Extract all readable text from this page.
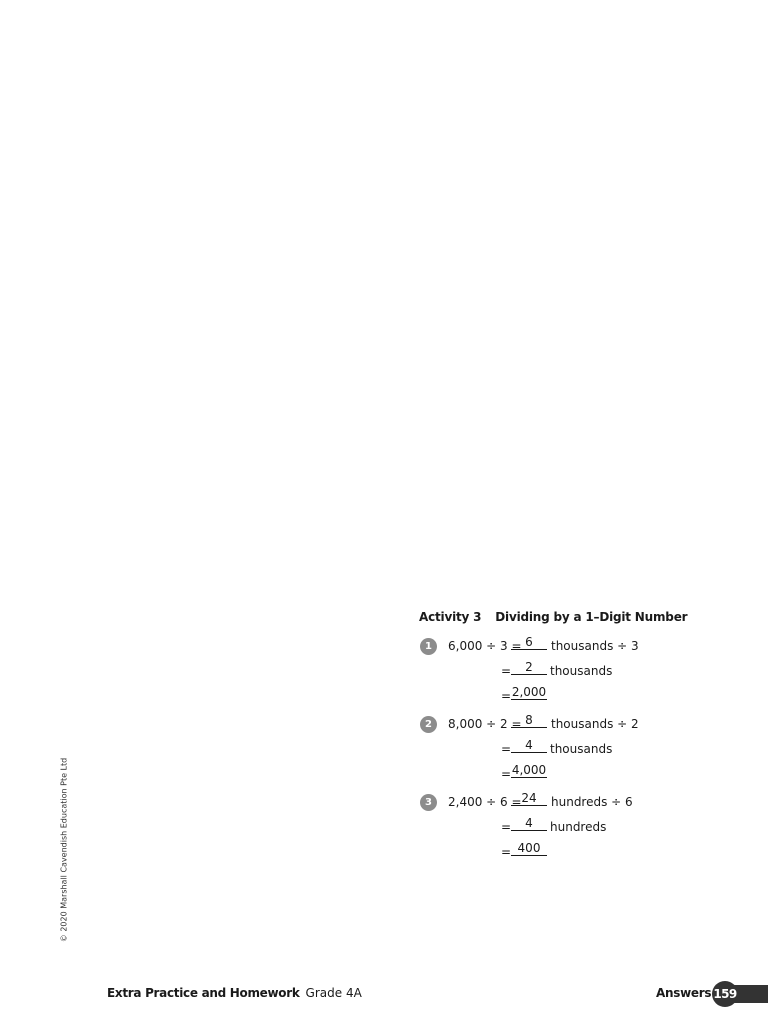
Activity 3 Dividing by a 1–Digit Number
1	6,000 ÷ 3 = 6	thousands ÷ 3
=	2	thousands
= 2,000
2	8,000 ÷ 2 = 8	thousands ÷ 2
=	4	thousands
= 4,000
3	2,400 ÷ 6 = 24	hundreds ÷ 6
=	4	hundreds
= 400
© 2020 Marshall Cavendish Education Pte Ltd
Extra Practice and Homework Grade 4A	Answers 159
